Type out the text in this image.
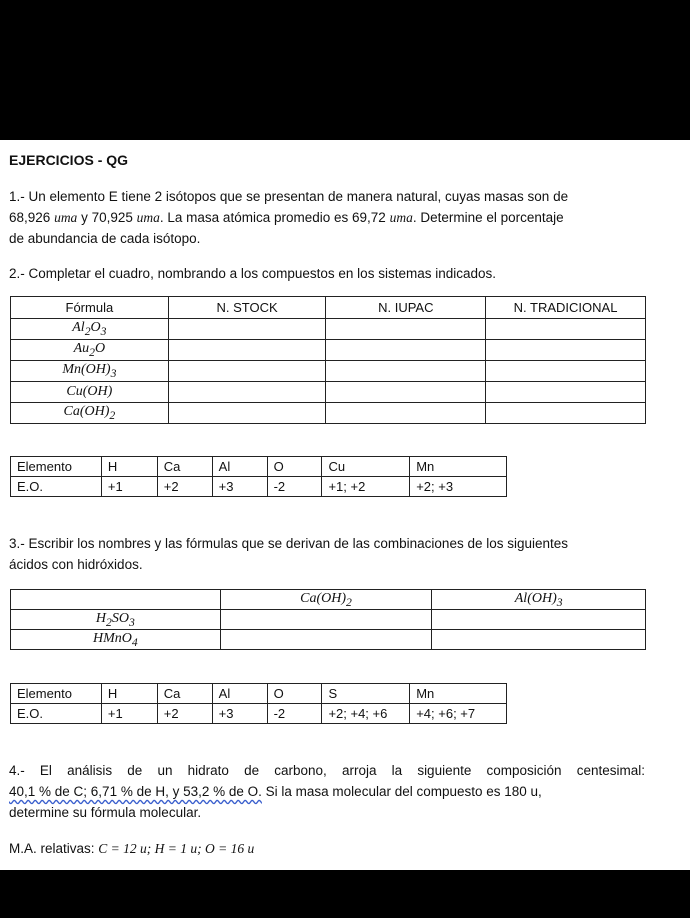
EJERCICIOS - QG
1.- Un elemento E tiene 2 isótopos que se presentan de manera natural, cuyas masas son de
68,926 uma y 70,925 uma. La masa atómica promedio es 69,72 uma. Determine el porcentaje
de abundancia de cada isótopo.
2.- Completar el cuadro, nombrando a los compuestos en los sistemas indicados.
Fórmula	N. STOCK	N. IUPAC	N. TRADICIONAL
$Al_2O_3$			
$Au_2O$			
$Mn(OH)_3$			
Cu(OH)			
$Ca(OH)_2$			
Elemento	H	Ca	Al	O	Cu	Mn
E.O.	+1	+2	+3	-2	+1; +2	+2; +3
3.- Escribir los nombres y las fórmulas que se derivan de las combinaciones de los siguientes
ácidos con hidróxidos.
	$Ca(OH)_2$	$Al(OH)_3$
$H_2SO_3$		
HMnO$_4$		
Elemento	H	Ca	Al	O	S	Mn
E.O.	+1	+2	+3	-2	+2; +4; +6	+4; +6; +7
4.- El análisis de un hidrato de carbono, arroja la siguiente composición centesimal:
40,1 % de C; 6,71 % de H, y 53,2 % de O. Si la masa molecular del compuesto es 180 u,
determine su fórmula molecular.
M.A. relativas: C = 12 u; H = 1 u; O = 16 u
